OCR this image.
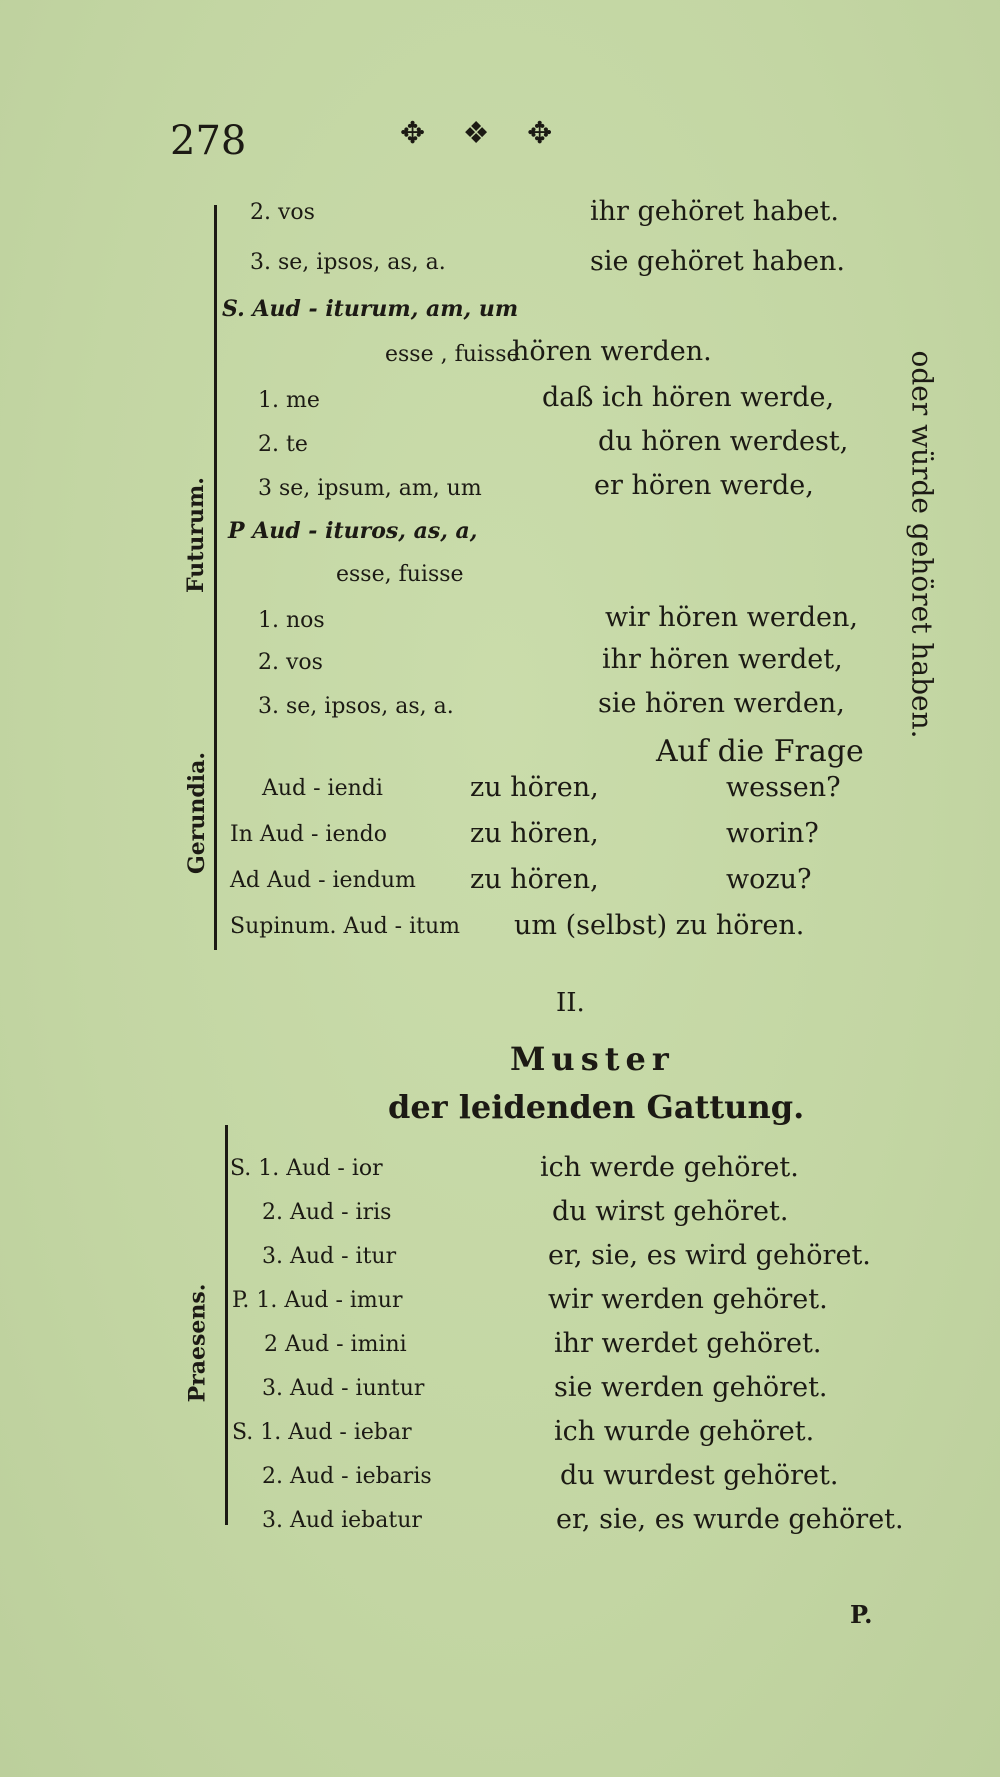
278	✥ ❖ ✥
Futurum.
Gerundia.
Praesens.
oder würde gehöret haben.
2. vos	ihr gehöret habet.
3. se, ipsos, as, a.	sie gehöret haben.
S. Aud - iturum, am, um
esse , fuisse
hören werden.
1. me	daß ich hören werde,
2. te	du hören werdest,
3 se, ipsum, am, um	er hören werde,
P Aud - ituros, as, a,
esse, fuisse
1. nos	wir hören werden,
2. vos	ihr hören werdet,
3. se, ipsos, as, a.	sie hören werden,
Auf die Frage
Aud - iendi	zu hören,	wessen?
In Aud - iendo	zu hören,	worin?
Ad Aud - iendum zu hören,	wozu?
Supinum. Aud - itum um (selbst) zu hören.
II.
Muster
der leidenden Gattung.
S. 1. Aud - ior	ich werde gehöret.
2. Aud - iris	du wirst gehöret.
3. Aud - itur	er, sie, es wird gehöret.
P. 1. Aud - imur	wir werden gehöret.
2 Aud - imini	ihr werdet gehöret.
3. Aud - iuntur	sie werden gehöret.
S. 1. Aud - iebar	ich wurde gehöret.
2. Aud - iebaris	du wurdest gehöret.
3. Aud iebatur	er, sie, es wurde gehöret.
P.
